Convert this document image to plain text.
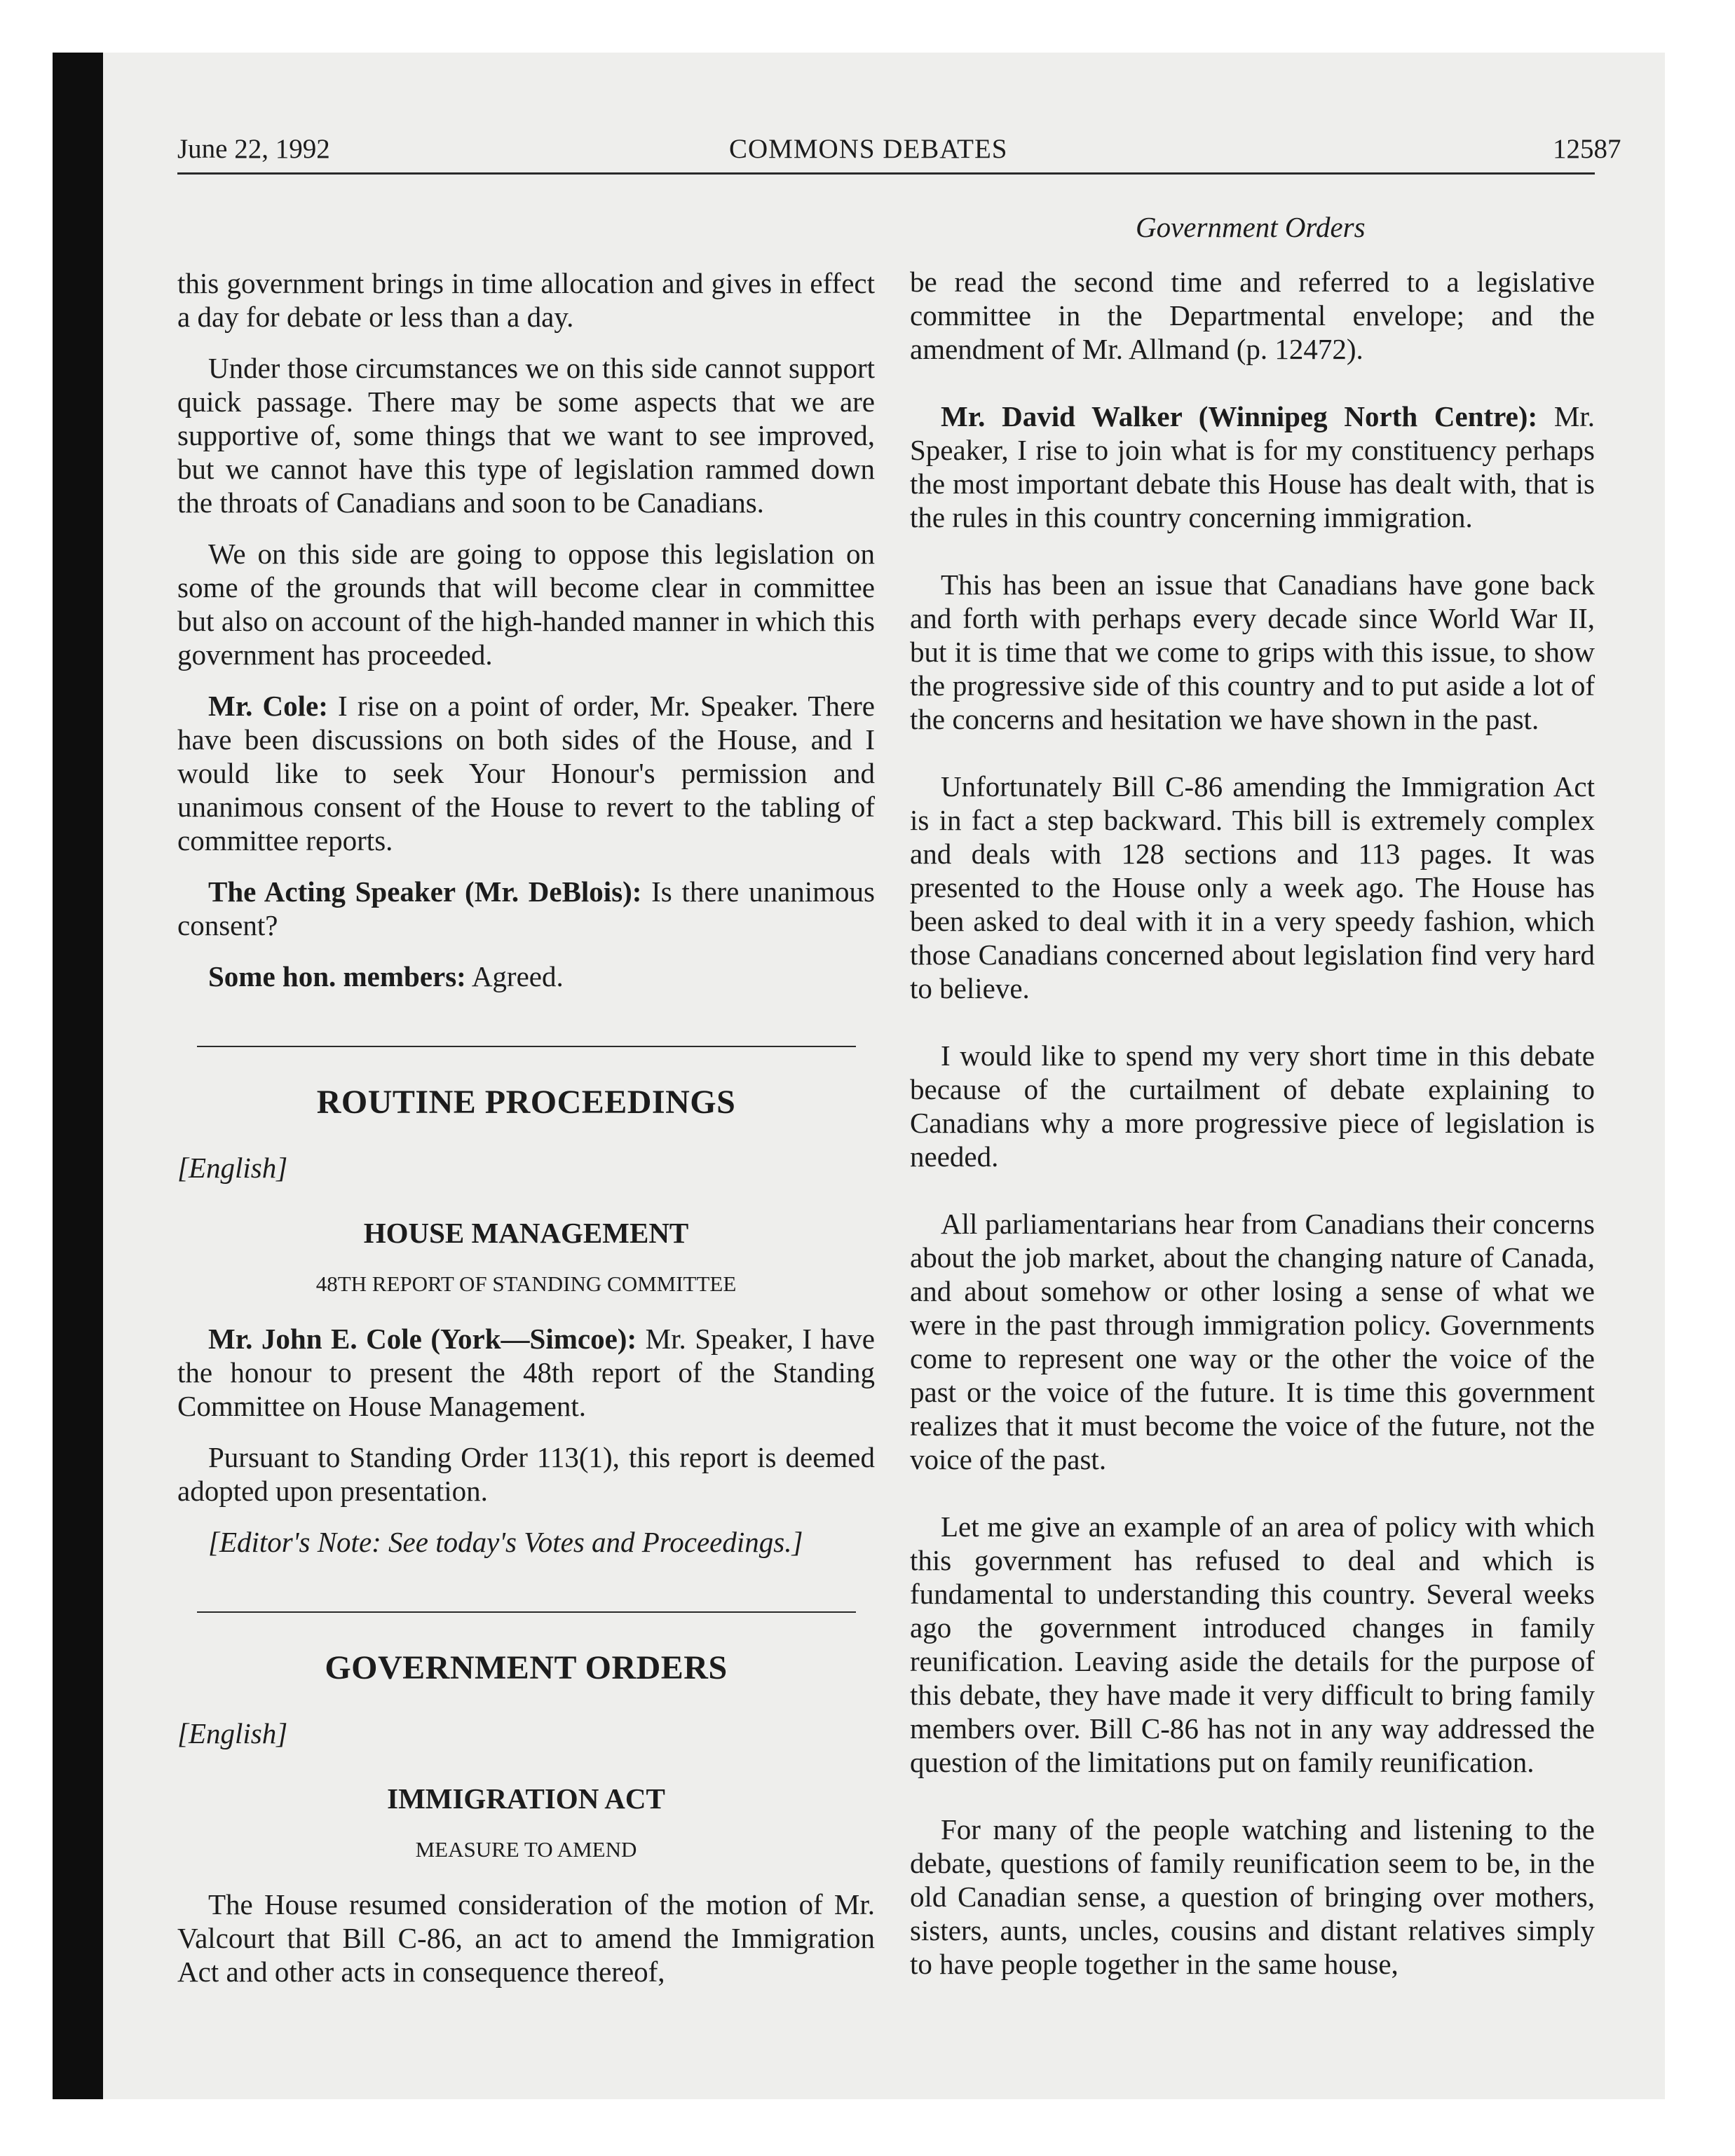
June 22, 1992	COMMONS DEBATES	12587
Government Orders

this government brings in time allocation and gives in effect a day for debate or less than a day.

Under those circumstances we on this side cannot support quick passage. There may be some aspects that we are supportive of, some things that we want to see improved, but we cannot have this type of legislation rammed down the throats of Canadians and soon to be Canadians.

We on this side are going to oppose this legislation on some of the grounds that will become clear in committee but also on account of the high-handed manner in which this government has proceeded.

Mr. Cole: I rise on a point of order, Mr. Speaker. There have been discussions on both sides of the House, and I would like to seek Your Honour's permission and unanimous consent of the House to revert to the tabling of committee reports.

The Acting Speaker (Mr. DeBlois): Is there unanimous consent?

Some hon. members: Agreed.

ROUTINE PROCEEDINGS
[English]
HOUSE MANAGEMENT
48TH REPORT OF STANDING COMMITTEE

Mr. John E. Cole (York—Simcoe): Mr. Speaker, I have the honour to present the 48th report of the Standing Committee on House Management.

Pursuant to Standing Order 113(1), this report is deemed adopted upon presentation.

[Editor's Note: See today's Votes and Proceedings.]
GOVERNMENT ORDERS
[English]
IMMIGRATION ACT
MEASURE TO AMEND

The House resumed consideration of the motion of Mr. Valcourt that Bill C-86, an act to amend the Immigration Act and other acts in consequence thereof,

be read the second time and referred to a legislative committee in the Departmental envelope; and the amendment of Mr. Allmand (p. 12472).

Mr. David Walker (Winnipeg North Centre): Mr. Speaker, I rise to join what is for my constituency perhaps the most important debate this House has dealt with, that is the rules in this country concerning immigration.

This has been an issue that Canadians have gone back and forth with perhaps every decade since World War II, but it is time that we come to grips with this issue, to show the progressive side of this country and to put aside a lot of the concerns and hesitation we have shown in the past.

Unfortunately Bill C-86 amending the Immigration Act is in fact a step backward. This bill is extremely complex and deals with 128 sections and 113 pages. It was presented to the House only a week ago. The House has been asked to deal with it in a very speedy fashion, which those Canadians concerned about legislation find very hard to believe.

I would like to spend my very short time in this debate because of the curtailment of debate explaining to Canadians why a more progressive piece of legislation is needed.

All parliamentarians hear from Canadians their concerns about the job market, about the changing nature of Canada, and about somehow or other losing a sense of what we were in the past through immigration policy. Governments come to represent one way or the other the voice of the past or the voice of the future. It is time this government realizes that it must become the voice of the future, not the voice of the past.

Let me give an example of an area of policy with which this government has refused to deal and which is fundamental to understanding this country. Several weeks ago the government introduced changes in family reunification. Leaving aside the details for the purpose of this debate, they have made it very difficult to bring family members over. Bill C-86 has not in any way addressed the question of the limitations put on family reunification.

For many of the people watching and listening to the debate, questions of family reunification seem to be, in the old Canadian sense, a question of bringing over mothers, sisters, aunts, uncles, cousins and distant relatives simply to have people together in the same house,
